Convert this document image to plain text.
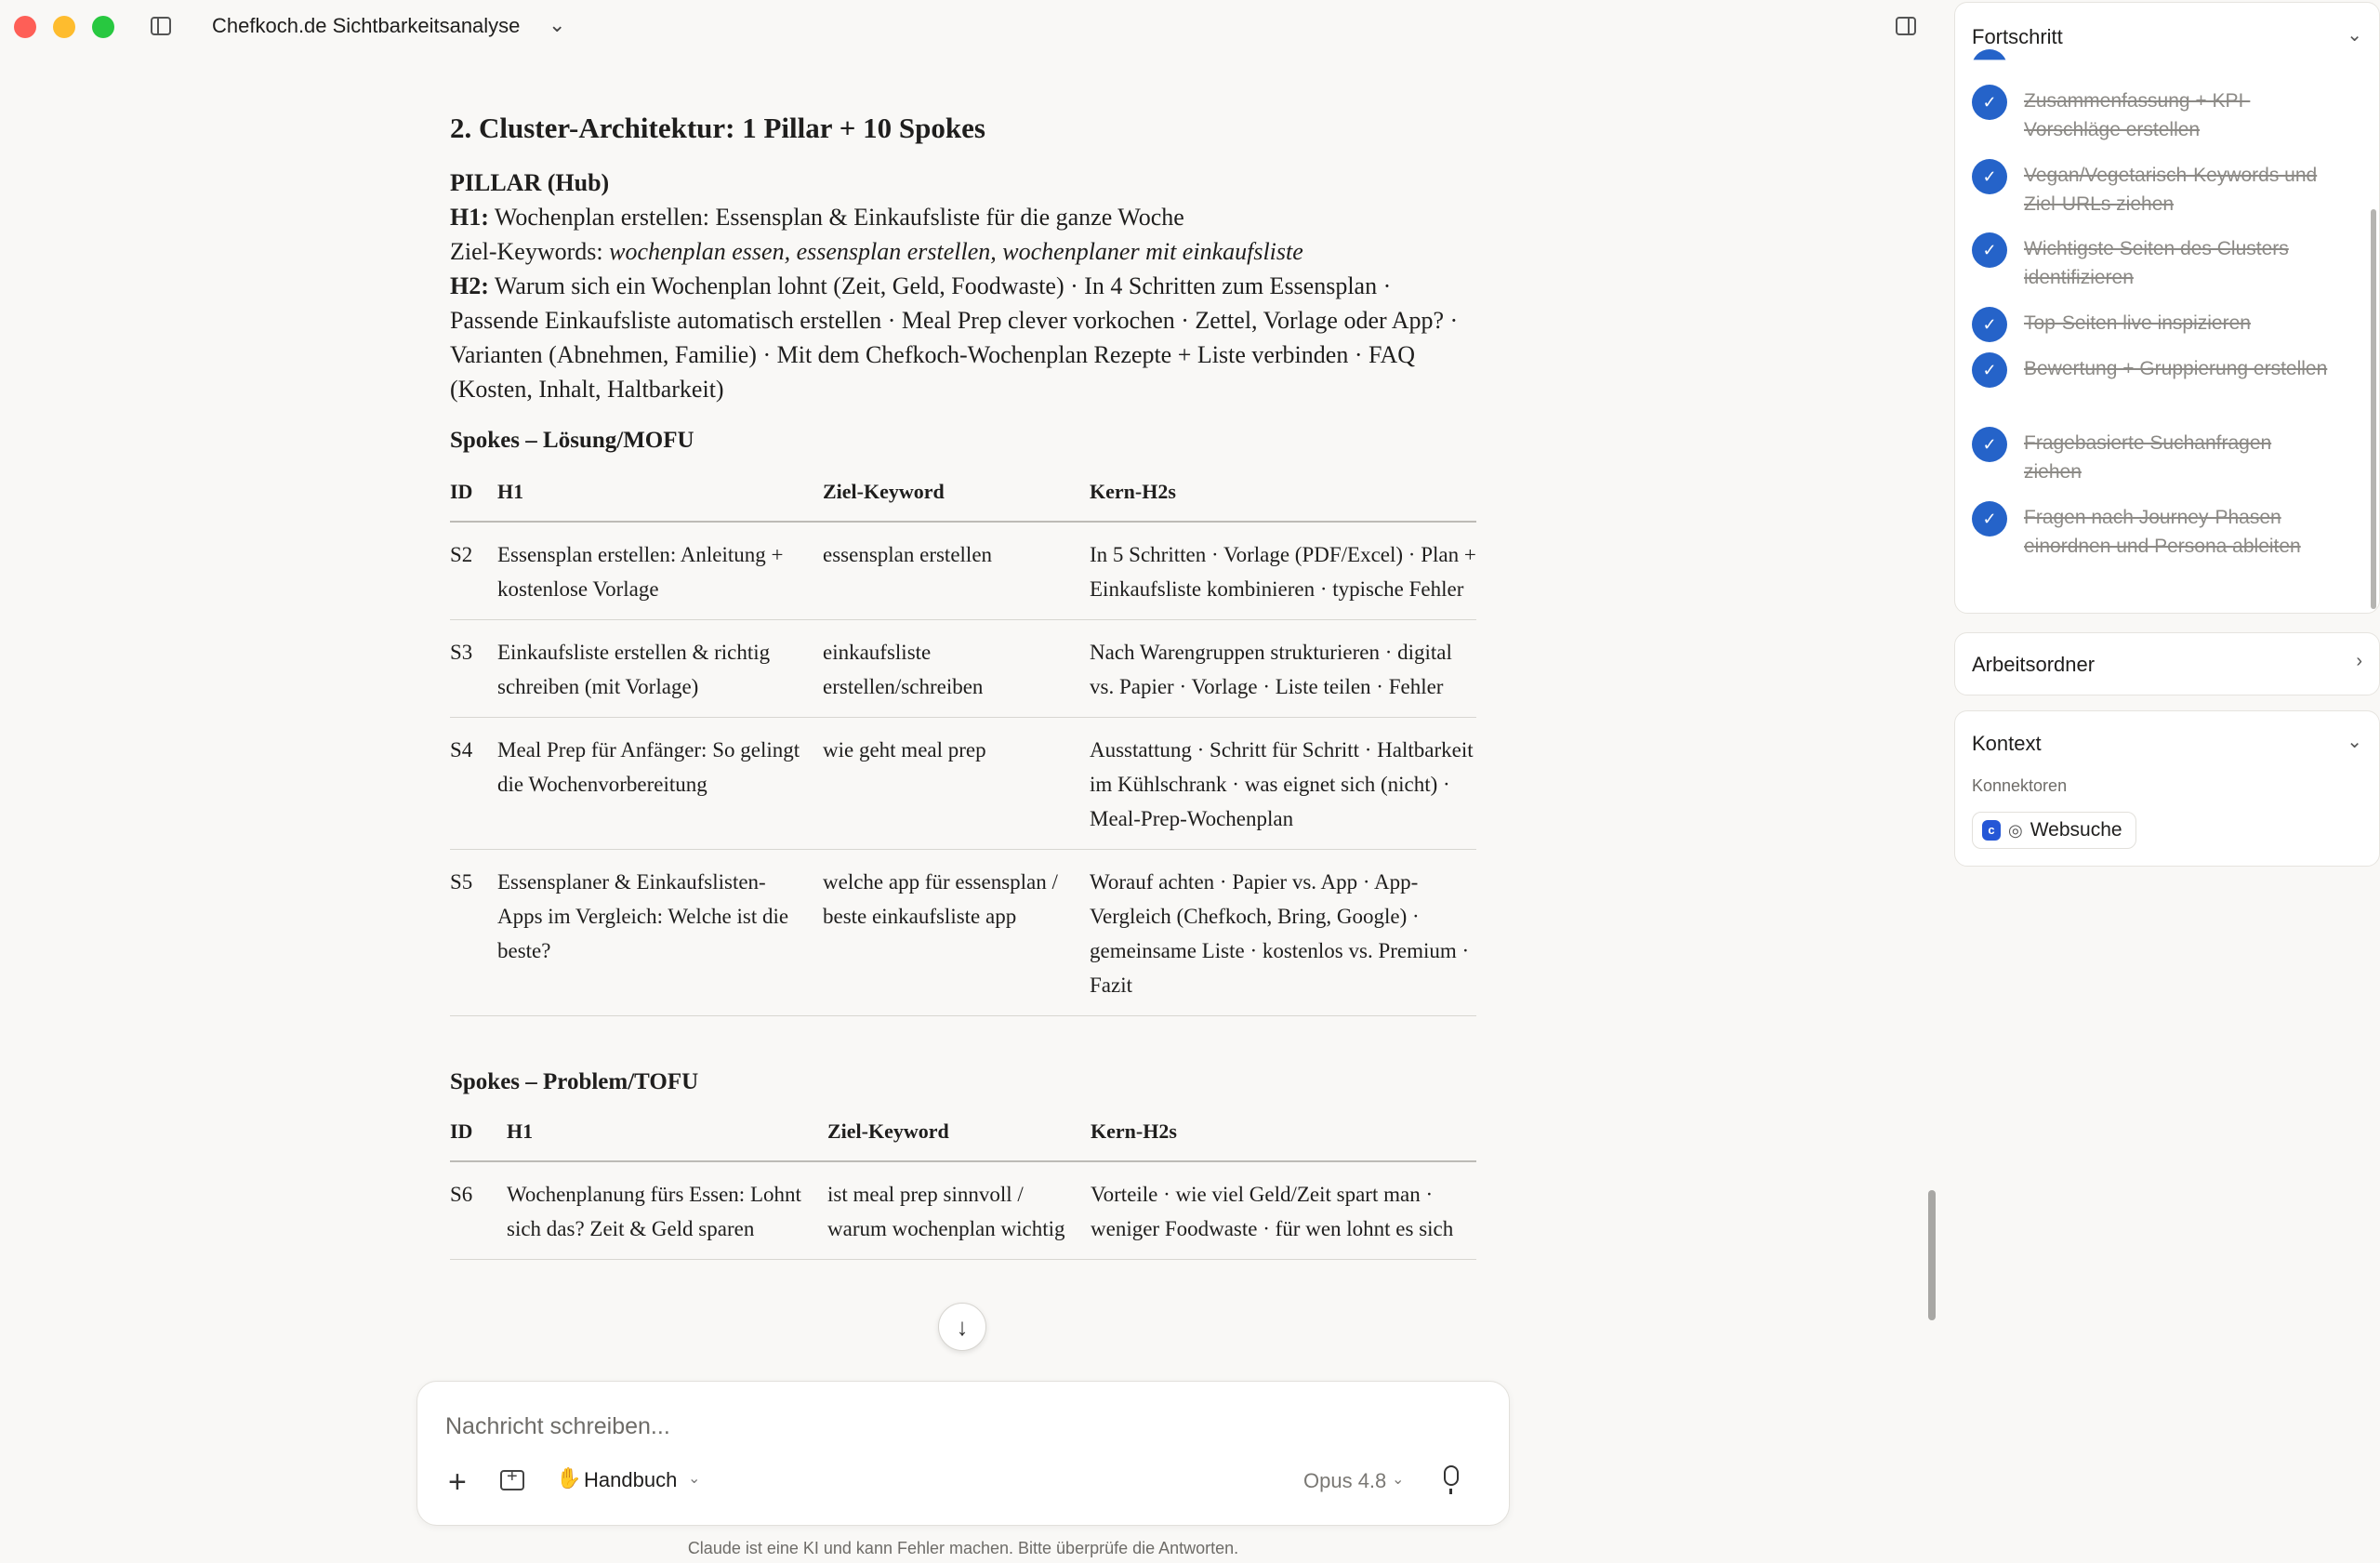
Chefkoch.de Sichtbarkeitsanalyse ⌄
2. Cluster-Architektur: 1 Pillar + 10 Spokes
PILLAR (Hub)
H1: Wochenplan erstellen: Essensplan & Einkaufsliste für die ganze Woche
Ziel-Keywords: wochenplan essen, essensplan erstellen, wochenplaner mit einkaufsliste
H2: Warum sich ein Wochenplan lohnt (Zeit, Geld, Foodwaste) · In 4 Schritten zum Essensplan · Passende Einkaufsliste automatisch erstellen · Meal Prep clever vorkochen · Zettel, Vorlage oder App? · Varianten (Abnehmen, Familie) · Mit dem Chefkoch-Wochenplan Rezepte + Liste verbinden · FAQ (Kosten, Inhalt, Haltbarkeit)
Spokes – Lösung/MOFU
ID	H1	Ziel-Keyword	Kern-H2s
S2	Essensplan erstellen: Anleitung + kostenlose Vorlage	essensplan erstellen	In 5 Schritten · Vorlage (PDF/Excel) · Plan + Einkaufsliste kombinieren · typische Fehler
S3	Einkaufsliste erstellen & richtig schreiben (mit Vorlage)	einkaufsliste erstellen/schreiben	Nach Warengruppen strukturieren · digital vs. Papier · Vorlage · Liste teilen · Fehler
S4	Meal Prep für Anfänger: So gelingt die Wochenvorbereitung	wie geht meal prep	Ausstattung · Schritt für Schritt · Haltbarkeit im Kühlschrank · was eignet sich (nicht) · Meal-Prep-Wochenplan
S5	Essensplaner & Einkaufslisten-Apps im Vergleich: Welche ist die beste?	welche app für essensplan / beste einkaufsliste app	Worauf achten · Papier vs. App · App-Vergleich (Chefkoch, Bring, Google) · gemeinsame Liste · kostenlos vs. Premium · Fazit
Spokes – Problem/TOFU
ID	H1	Ziel-Keyword	Kern-H2s
S6	Wochenplanung fürs Essen: Lohnt sich das? Zeit & Geld sparen	ist meal prep sinnvoll / warum wochenplan wichtig	Vorteile · wie viel Geld/Zeit spart man · weniger Foodwaste · für wen lohnt es sich
↓
Nachricht schreiben...
+ +	✋ Handbuch ⌄	Opus 4.8 ⌄
Claude ist eine KI und kann Fehler machen. Bitte überprüfe die Antworten.
Fortschritt	⌄
✓	Zusammenfassung + KPI-Vorschläge erstellen
✓	Vegan/Vegetarisch-Keywords und Ziel-URLs ziehen
✓	Wichtigste Seiten des Clusters identifizieren
✓	Top-Seiten live inspizieren
✓	Bewertung + Gruppierung erstellen
✓	Fragebasierte Suchanfragen ziehen
✓	Fragen nach Journey-Phasen einordnen und Persona ableiten
Arbeitsordner	›
Kontext	⌄
Konnektoren
c ◎ Websuche
